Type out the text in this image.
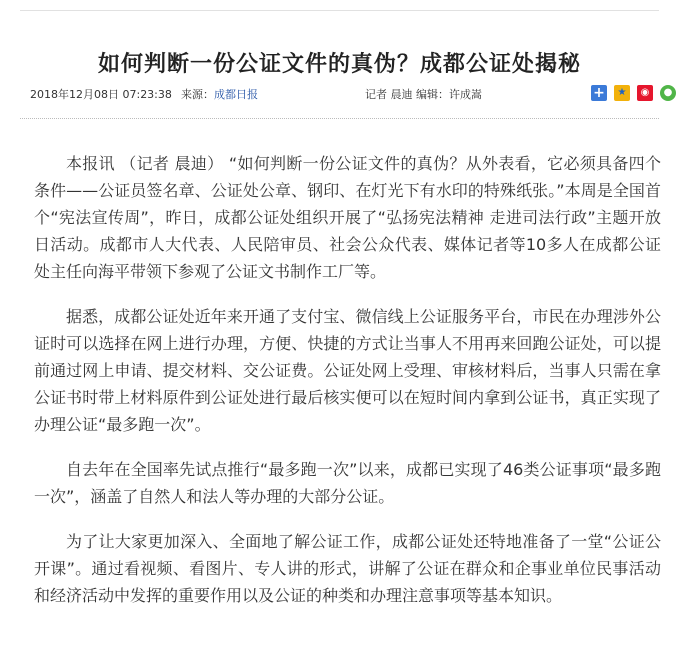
如何判断一份公证文件的真伪？成都公证处揭秘
2018年12月08日 07:23:38 来源：成都日报	记者 晨迪 编辑：许成嵩	+	★	◉	●

本报讯 （记者 晨迪） “如何判断一份公证文件的真伪？从外表看，它必须具备四个条件——公证员签名章、公证处公章、钢印、在灯光下有水印的特殊纸张。”本周是全国首个“宪法宣传周”，昨日，成都公证处组织开展了“弘扬宪法精神 走进司法行政”主题开放日活动。成都市人大代表、人民陪审员、社会公众代表、媒体记者等10多人在成都公证处主任向海平带领下参观了公证文书制作工厂等。

据悉，成都公证处近年来开通了支付宝、微信线上公证服务平台，市民在办理涉外公证时可以选择在网上进行办理，方便、快捷的方式让当事人不用再来回跑公证处，可以提前通过网上申请、提交材料、交公证费。公证处网上受理、审核材料后，当事人只需在拿公证书时带上材料原件到公证处进行最后核实便可以在短时间内拿到公证书，真正实现了办理公证“最多跑一次”。

自去年在全国率先试点推行“最多跑一次”以来，成都已实现了46类公证事项“最多跑一次”，涵盖了自然人和法人等办理的大部分公证。

为了让大家更加深入、全面地了解公证工作，成都公证处还特地准备了一堂“公证公开课”。通过看视频、看图片、专人讲的形式，讲解了公证在群众和企事业单位民事活动和经济活动中发挥的重要作用以及公证的种类和办理注意事项等基本知识。
